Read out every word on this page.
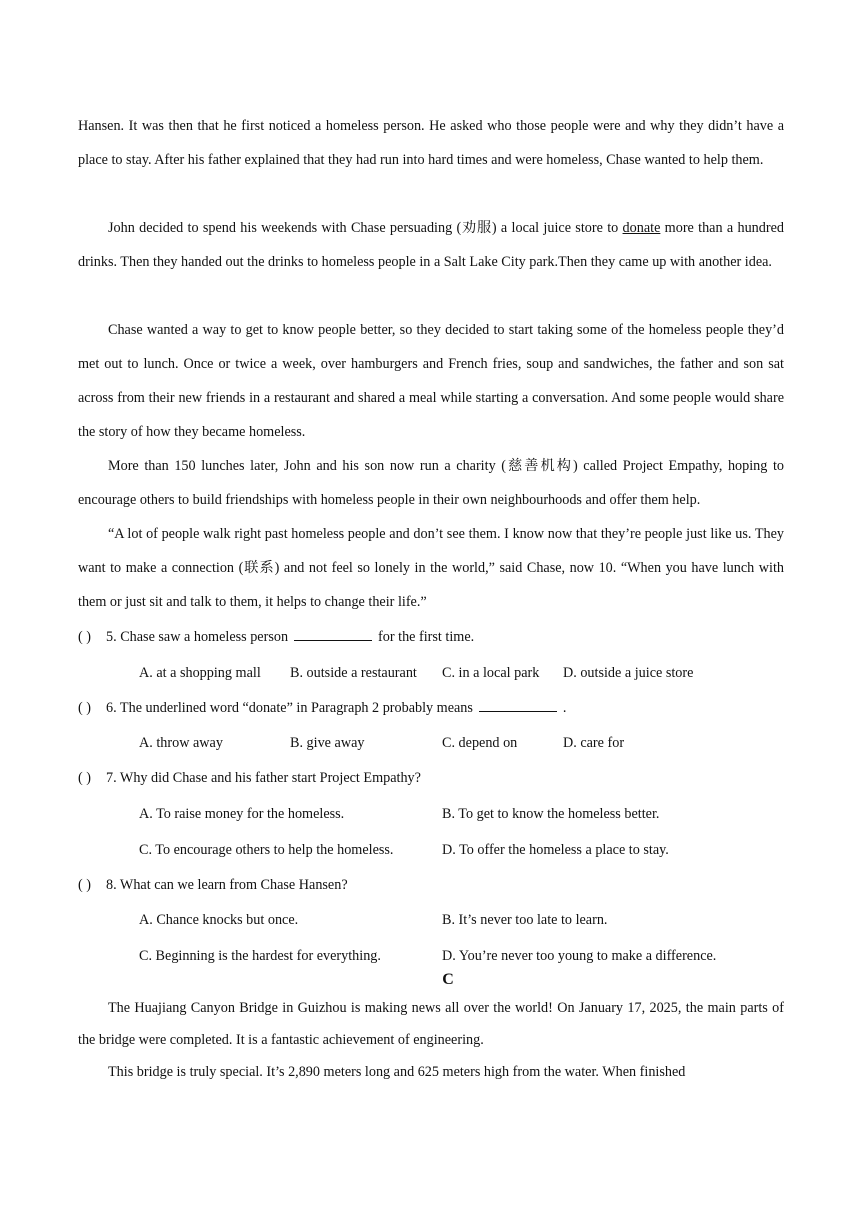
Hansen. It was then that he first noticed a homeless person. He asked who those people were and why they didn’t have a place to stay. After his father explained that they had run into hard times and were homeless, Chase wanted to help them.

John decided to spend his weekends with Chase persuading (劝服) a local juice store to donate more than a hundred drinks. Then they handed out the drinks to homeless people in a Salt Lake City park.Then they came up with another idea.

Chase wanted a way to get to know people better, so they decided to start taking some of the homeless people they’d met out to lunch. Once or twice a week, over hamburgers and French fries, soup and sandwiches, the father and son sat across from their new friends in a restaurant and shared a meal while starting a conversation. And some people would share the story of how they became homeless.

More than 150 lunches later, John and his son now run a charity (慈善机构) called Project Empathy, hoping to encourage others to build friendships with homeless people in their own neighbourhoods and offer them help.

“A lot of people walk right past homeless people and don’t see them. I know now that they’re people just like us. They want to make a connection (联系) and not feel so lonely in the world,” said Chase, now 10. “When you have lunch with them or just sit and talk to them, it helps to change their life.”

( ) 5. Chase saw a homeless person	for the first time.
A. at a shopping mall B. outside a restaurant C. in a local park D. outside a juice store
( ) 6. The underlined word “donate” in Paragraph 2 probably means	.
A. throw away	B. give away	C. depend on	D. care for
( ) 7. Why did Chase and his father start Project Empathy?
A. To raise money for the homeless.	B. To get to know the homeless better.
C. To encourage others to help the homeless.	D. To offer the homeless a place to stay.
( ) 8. What can we learn from Chase Hansen?
A. Chance knocks but once.	B. It’s never too late to learn.
C. Beginning is the hardest for everything.	D. You’re never too young to make a difference.
C

The Huajiang Canyon Bridge in Guizhou is making news all over the world! On January 17, 2025, the main parts of the bridge were completed. It is a fantastic achievement of engineering.

This bridge is truly special. It’s 2,890 meters long and 625 meters high from the water. When finished
